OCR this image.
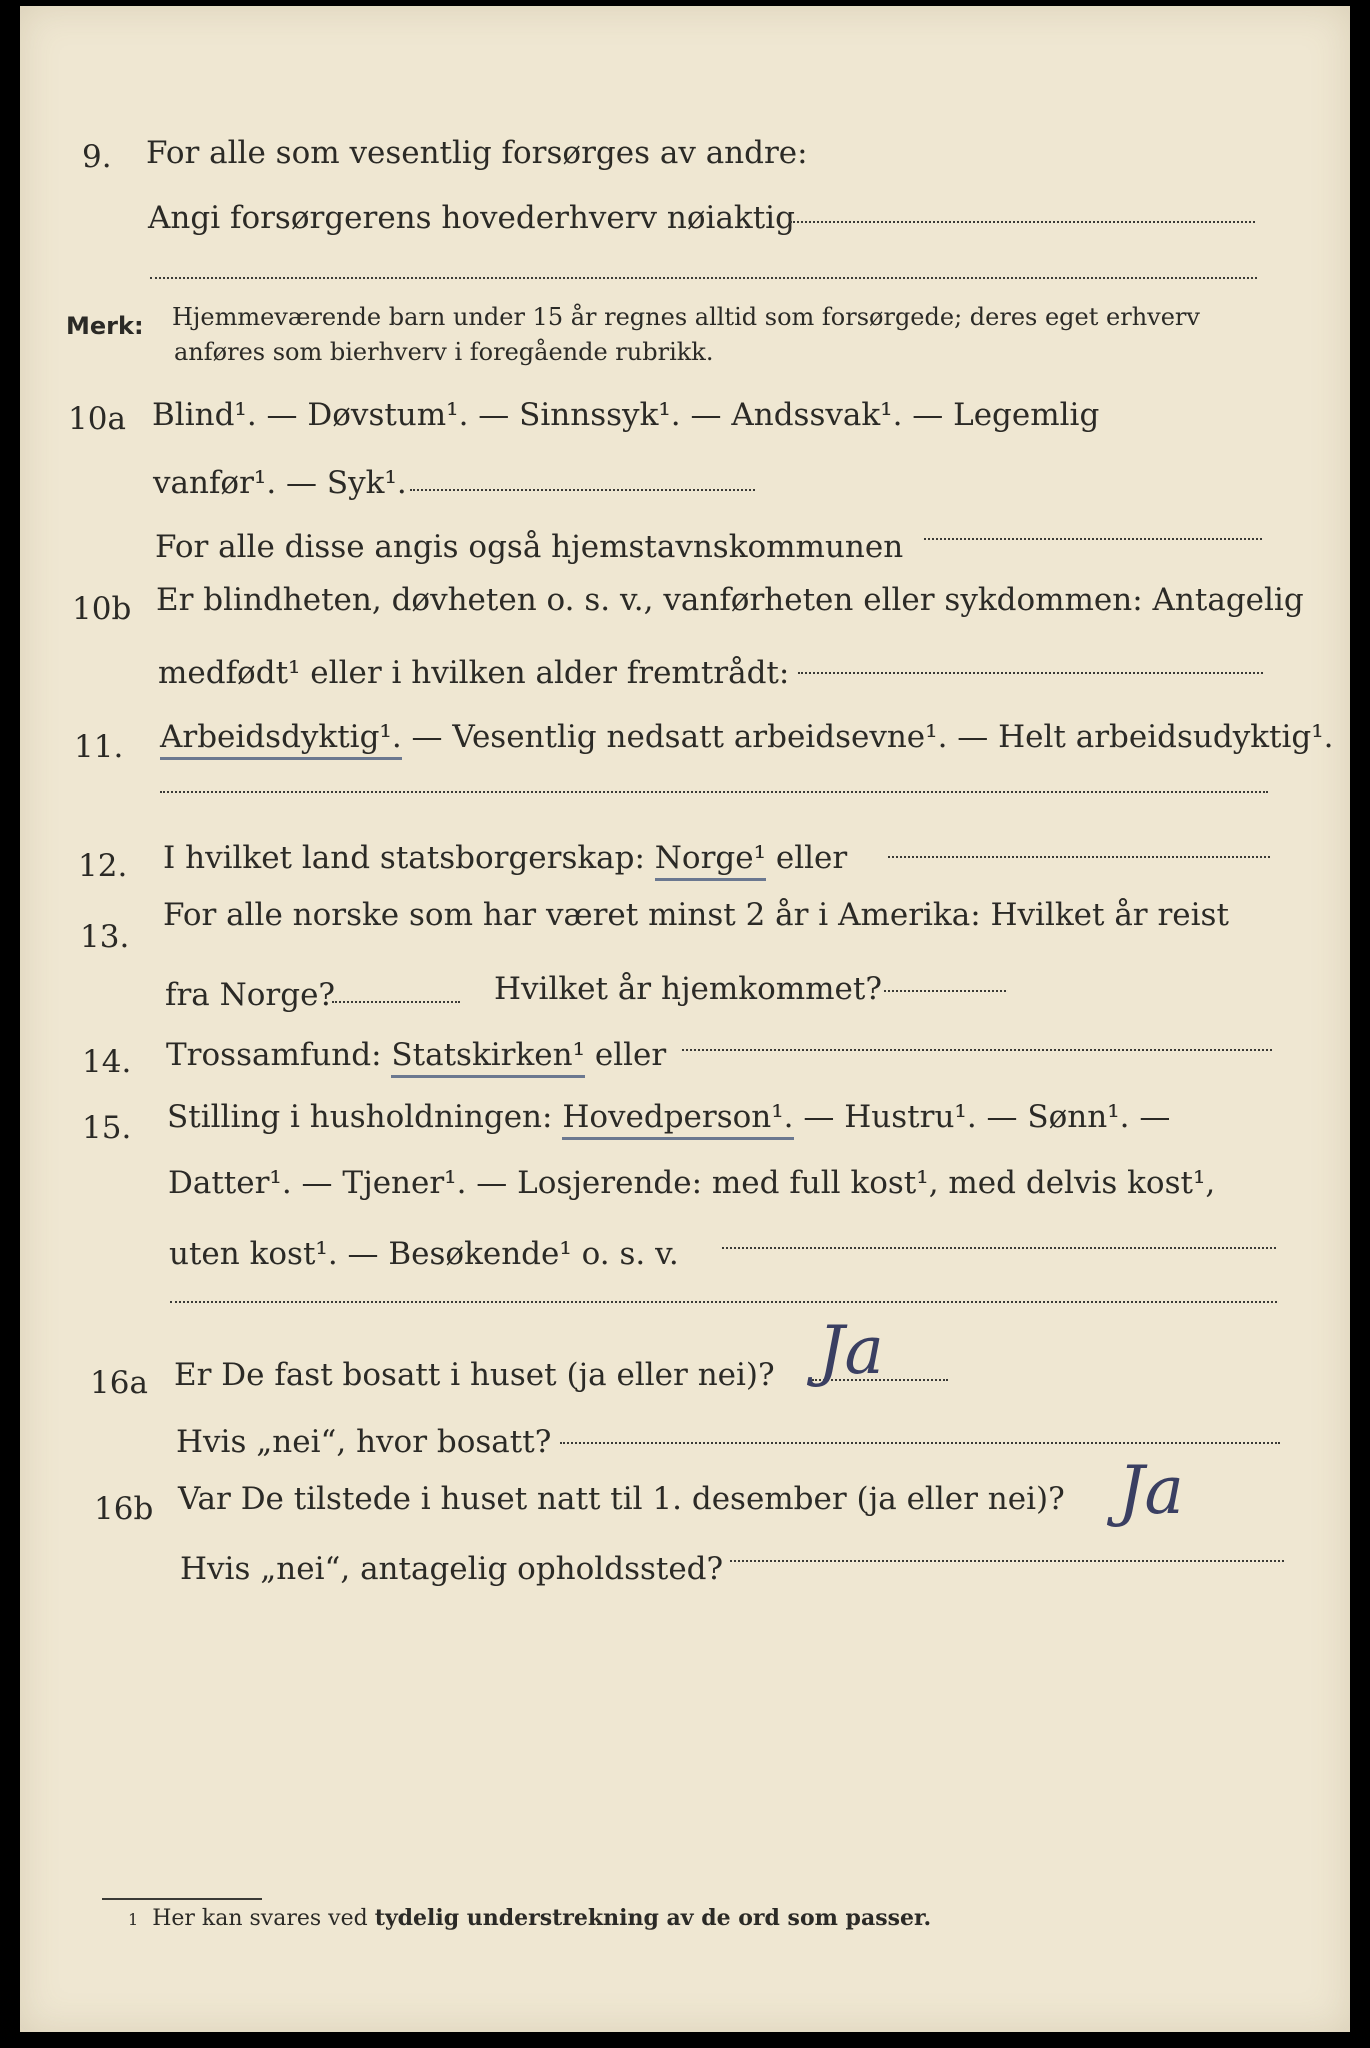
9. For alle som vesentlig forsørges av andre:
Angi forsørgerens hovederhverv nøiaktig
Merk: Hjemmeværende barn under 15 år regnes alltid som forsørgede; deres eget erhverv
anføres som bierhverv i foregående rubrikk.
10a Blind¹. — Døvstum¹. — Sinnssyk¹. — Andssvak¹. — Legemlig
vanfør¹. — Syk¹.
For alle disse angis også hjemstavnskommunen
10b Er blindheten, døvheten o. s. v., vanførheten eller sykdommen: Antagelig
medfødt¹ eller i hvilken alder fremtrådt:
11. Arbeidsdyktig¹. — Vesentlig nedsatt arbeidsevne¹. — Helt arbeidsudyktig¹.
12. I hvilket land statsborgerskap: Norge¹ eller
13.
For alle norske som har været minst 2 år i Amerika: Hvilket år reist
fra Norge?	Hvilket år hjemkommet?
14. Trossamfund: Statskirken¹ eller
15. Stilling i husholdningen: Hovedperson¹. — Hustru¹. — Sønn¹. —
Datter¹. — Tjener¹. — Losjerende: med full kost¹, med delvis kost¹,
uten kost¹. — Besøkende¹ o. s. v.
16a Er De fast bosatt i huset (ja eller nei)? Ja
Hvis „nei“, hvor bosatt?
16b Var De tilstede i huset natt til 1. desember (ja eller nei)? Ja
Hvis „nei“, antagelig opholdssted?
1 Her kan svares ved tydelig understrekning av de ord som passer.
